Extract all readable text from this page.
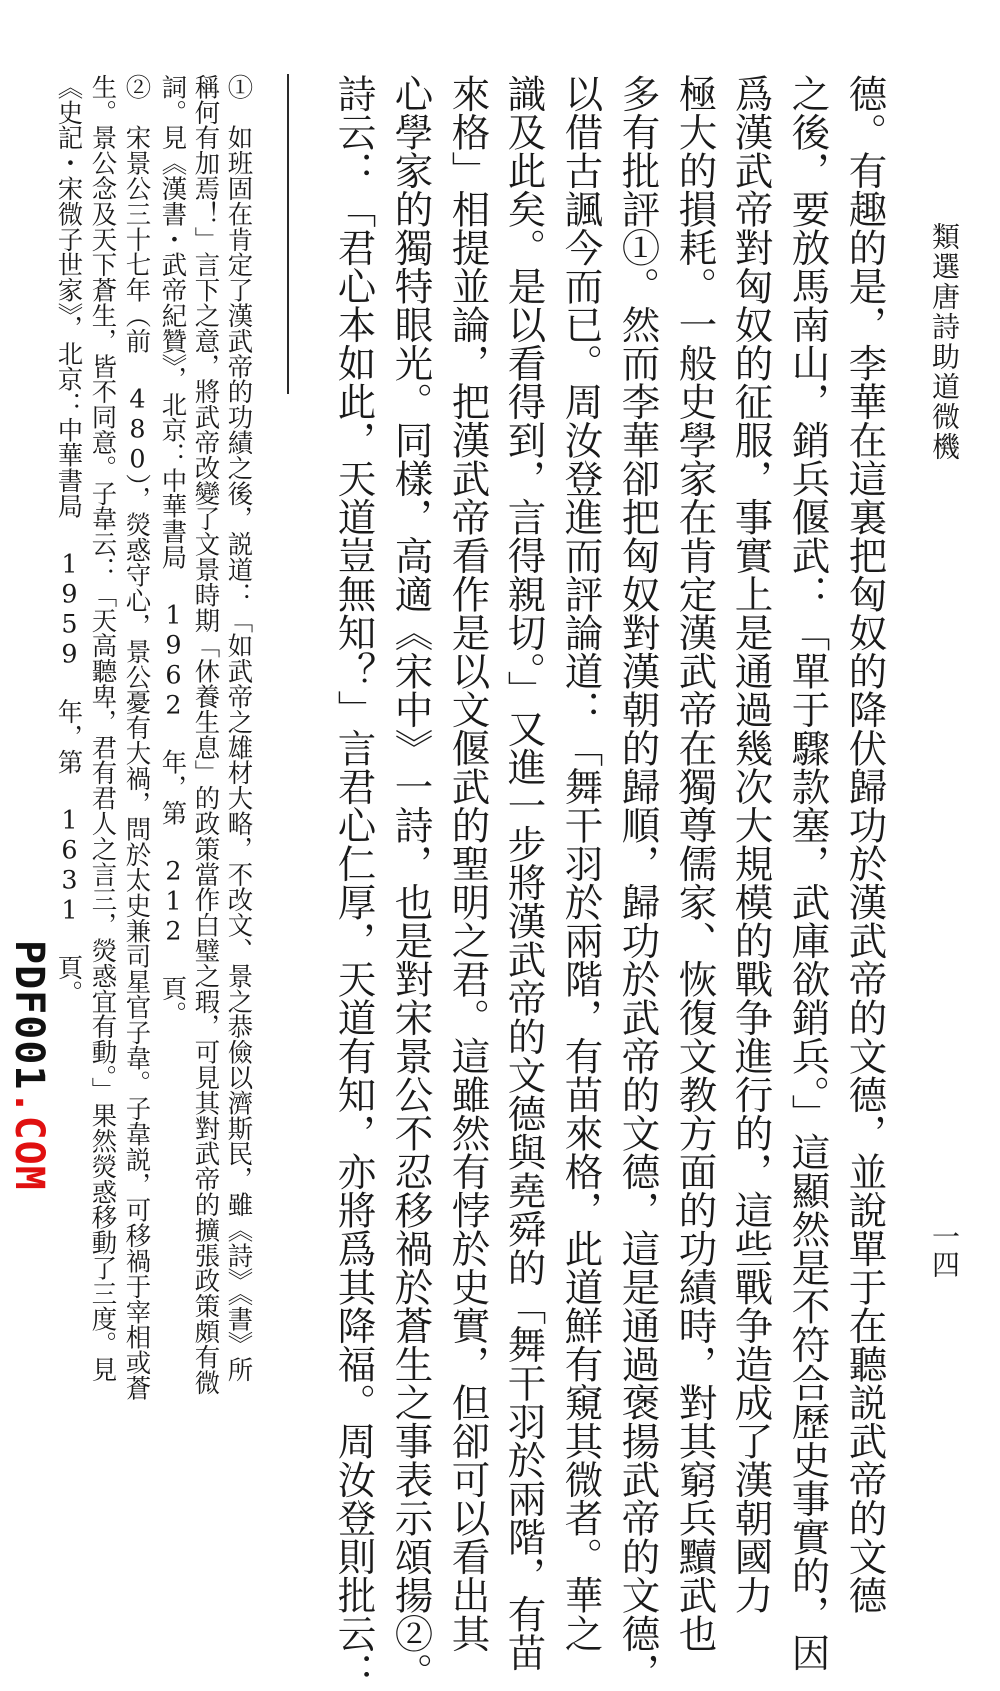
類選唐詩助道微機
一四
德。有趣的是，李華在這裏把匈奴的降伏歸功於漢武帝的文德，並說單于在聽説武帝的文德
之後，要放馬南山，銷兵偃武：「單于驟款塞，武庫欲銷兵。」這顯然是不符合歷史事實的，因
爲漢武帝對匈奴的征服，事實上是通過幾次大規模的戰争進行的，這些戰争造成了漢朝國力
極大的損耗。一般史學家在肯定漢武帝在獨尊儒家、恢復文教方面的功績時，對其窮兵黷武也
多有批評①。然而李華卻把匈奴對漢朝的歸順，歸功於武帝的文德，這是通過褒揚武帝的文德，
以借古諷今而已。周汝登進而評論道：「舞干羽於兩階，有苗來格，此道鮮有窺其微者。華之
識及此矣。是以看得到，言得親切。」又進一步將漢武帝的文德與堯舜的「舞干羽於兩階，有苗
來格」相提並論，把漢武帝看作是以文偃武的聖明之君。這雖然有悖於史實，但卻可以看出其
心學家的獨特眼光。同樣，高適《宋中》一詩，也是對宋景公不忍移禍於蒼生之事表示頌揚②。
詩云：「君心本如此，天道豈無知？」言君心仁厚，天道有知，亦將爲其降福。周汝登則批云：
①　如班固在肯定了漢武帝的功績之後，説道：「如武帝之雄材大略，不改文、景之恭儉以濟斯民，雖《詩》《書》所
稱何有加焉！」言下之意，將武帝改變了文景時期「休養生息」的政策當作白璧之瑕，可見其對武帝的擴張政策頗有微
詞。見《漢書・武帝紀贊》，北京：中華書局 1962 年，第 212 頁。
②　宋景公三十七年（前 480），熒惑守心，景公憂有大禍，問於太史兼司星官子韋。子韋説，可移禍于宰相或蒼
生。景公念及天下蒼生，皆不同意。子韋云：「天高聽卑，君有君人之言三，熒惑宜有動。」果然熒惑移動了三度。見
《史記・宋微子世家》，北京：中華書局 1959 年，第 1631 頁。
PDF001.COM
